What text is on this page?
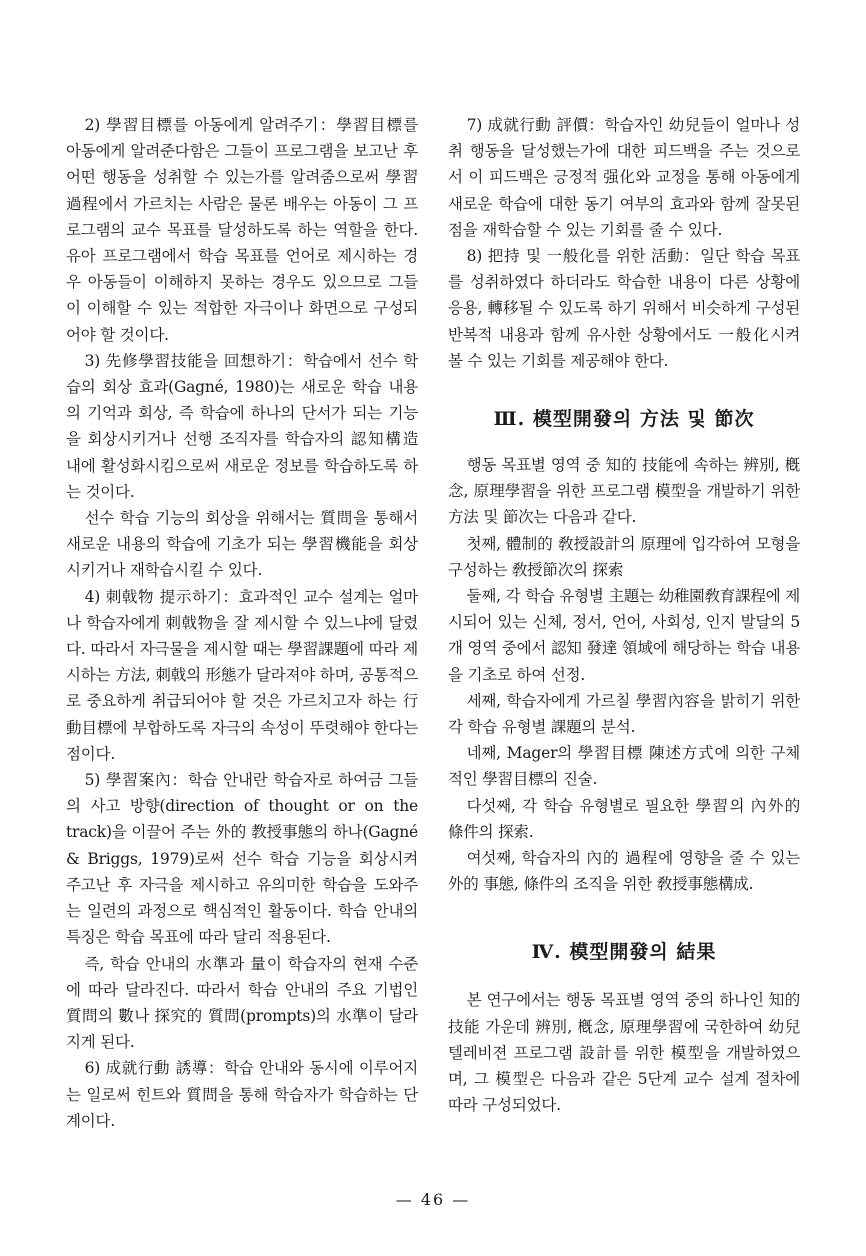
2) 學習目標를 아동에게 알려주기：學習目標를 아동에게 알려준다함은 그들이 프로그램을 보고난 후 어떤 행동을 성취할 수 있는가를 알려줌으로써 學習過程에서 가르치는 사람은 물론 배우는 아동이 그 프로그램의 교수 목표를 달성하도록 하는 역할을 한다. 유아 프로그램에서 학습 목표를 언어로 제시하는 경우 아동들이 이해하지 못하는 경우도 있으므로 그들이 이해할 수 있는 적합한 자극이나 화면으로 구성되어야 할 것이다.

3) 先修學習技能을 回想하기：학습에서 선수 학습의 회상 효과(Gagné, 1980)는 새로운 학습 내용의 기억과 회상, 즉 학습에 하나의 단서가 되는 기능을 회상시키거나 선행 조직자를 학습자의 認知構造 내에 활성화시킴으로써 새로운 정보를 학습하도록 하는 것이다.

선수 학습 기능의 회상을 위해서는 質問을 통해서 새로운 내용의 학습에 기초가 되는 學習機能을 회상시키거나 재학습시킬 수 있다.

4) 刺戟物 提示하기：효과적인 교수 설계는 얼마나 학습자에게 刺戟物을 잘 제시할 수 있느냐에 달렸다. 따라서 자극물을 제시할 때는 學習課題에 따라 제시하는 方法, 刺戟의 形態가 달라져야 하며, 공통적으로 중요하게 취급되어야 할 것은 가르치고자 하는 行動目標에 부합하도록 자극의 속성이 뚜렷해야 한다는 점이다.

5) 學習案內：학습 안내란 학습자로 하여금 그들의 사고 방향(direction of thought or on the track)을 이끌어 주는 外的 教授事態의 하나(Gagné & Briggs, 1979)로써 선수 학습 기능을 회상시켜 주고난 후 자극을 제시하고 유의미한 학습을 도와주는 일련의 과정으로 핵심적인 활동이다. 학습 안내의 특징은 학습 목표에 따라 달리 적용된다.

즉, 학습 안내의 水準과 量이 학습자의 현재 수준에 따라 달라진다. 따라서 학습 안내의 주요 기법인 質問의 數나 探究的 質問(prompts)의 水準이 달라지게 된다.

6) 成就行動 誘導：학습 안내와 동시에 이루어지는 일로써 힌트와 質問을 통해 학습자가 학습하는 단계이다.

7) 成就行動 評價：학습자인 幼兒들이 얼마나 성취 행동을 달성했는가에 대한 피드백을 주는 것으로서 이 피드백은 긍정적 强化와 교정을 통해 아동에게 새로운 학습에 대한 동기 여부의 효과와 함께 잘못된 점을 재학습할 수 있는 기회를 줄 수 있다.

8) 把持 및 一般化를 위한 活動：일단 학습 목표를 성취하였다 하더라도 학습한 내용이 다른 상황에 응용, 轉移될 수 있도록 하기 위해서 비슷하게 구성된 반복적 내용과 함께 유사한 상황에서도 一般化시켜 볼 수 있는 기회를 제공해야 한다.

Ⅲ. 模型開發의 方法 및 節次

행동 목표별 영역 중 知的 技能에 속하는 辨別, 槪念, 原理學習을 위한 프로그램 模型을 개발하기 위한 方法 및 節次는 다음과 같다.

첫째, 體制的 敎授設計의 原理에 입각하여 모형을 구성하는 敎授節次의 探索

둘째, 각 학습 유형별 主題는 幼稚園敎育課程에 제시되어 있는 신체, 정서, 언어, 사회성, 인지 발달의 5개 영역 중에서 認知 發達 領域에 해당하는 학습 내용을 기초로 하여 선정.

세째, 학습자에게 가르칠 學習內容을 밝히기 위한 각 학습 유형별 課題의 분석.

네째, Mager의 學習目標 陳述方式에 의한 구체적인 學習目標의 진술.

다섯째, 각 학습 유형별로 필요한 學習의 內外的 條件의 探索.

여섯째, 학습자의 內的 過程에 영향을 줄 수 있는 外的 事態, 條件의 조직을 위한 敎授事態構成.

Ⅳ. 模型開發의 結果

본 연구에서는 행동 목표별 영역 중의 하나인 知的 技能 가운데 辨別, 槪念, 原理學習에 국한하여 幼兒 텔레비젼 프로그램 設計를 위한 模型을 개발하였으며, 그 模型은 다음과 같은 5단계 교수 설계 절차에 따라 구성되었다.

— 46 —
